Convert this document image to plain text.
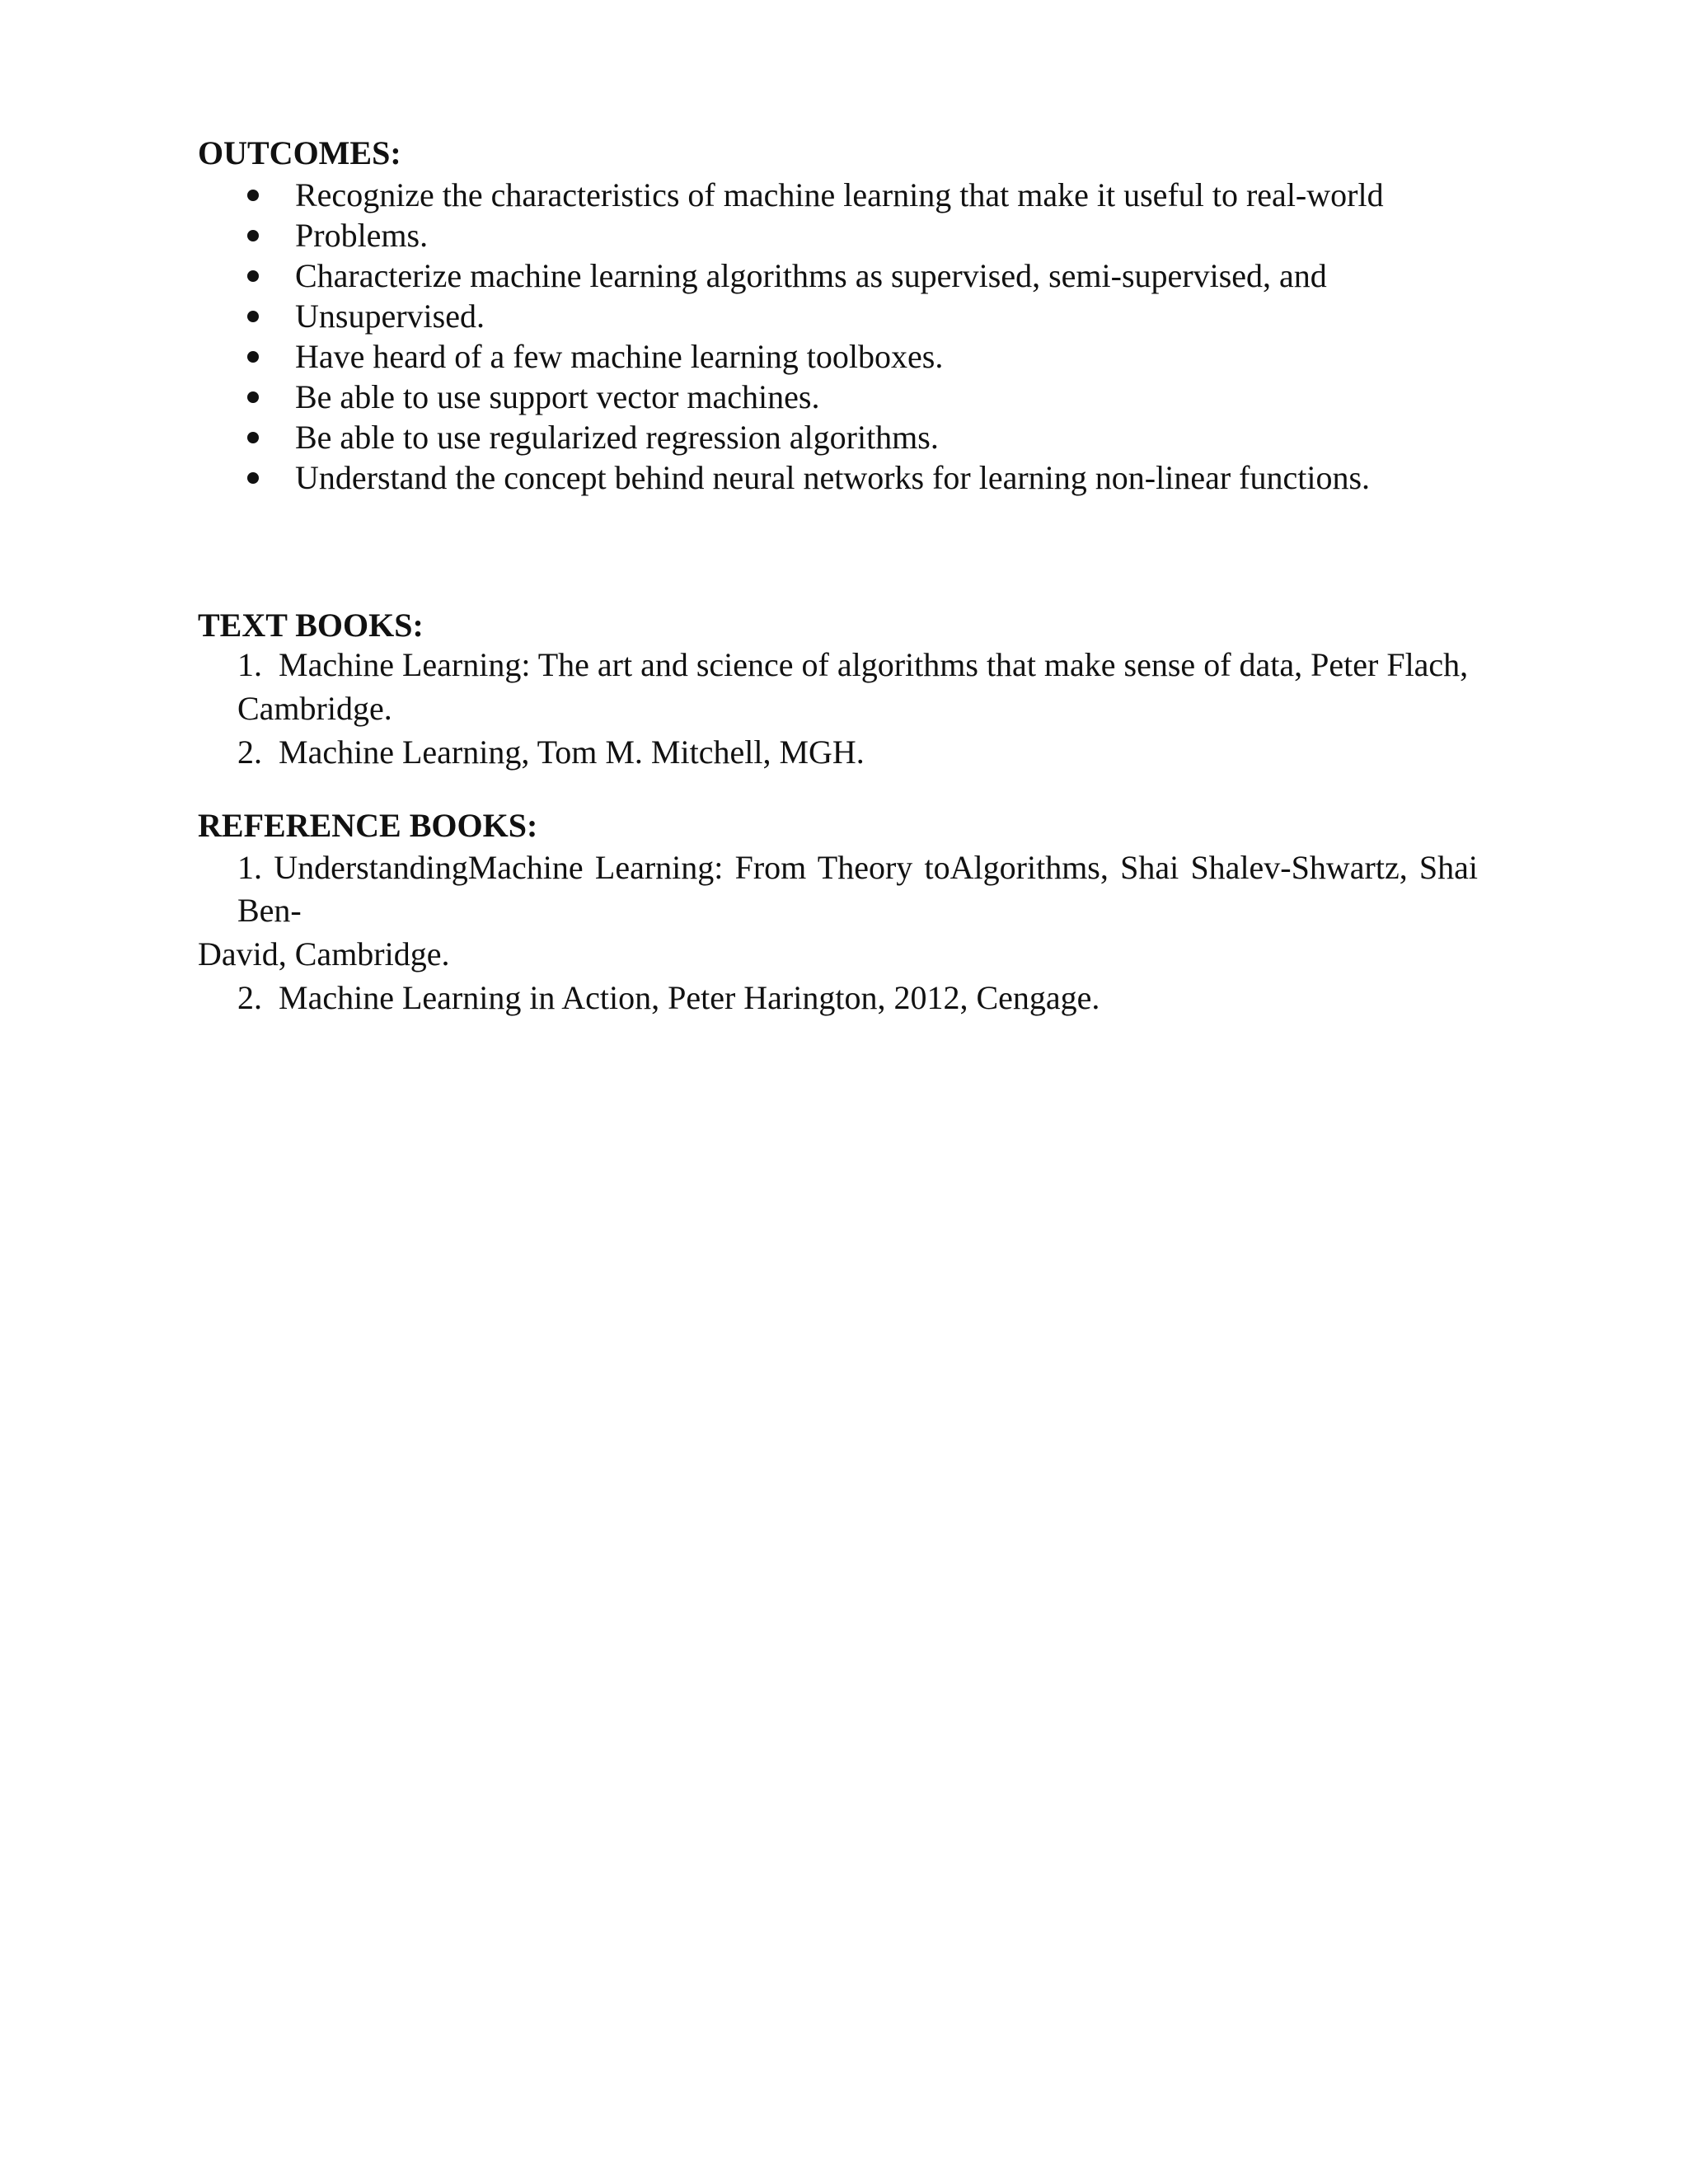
OUTCOMES:
Recognize the characteristics of machine learning that make it useful to real-world
Problems.
Characterize machine learning algorithms as supervised, semi-supervised, and
Unsupervised.
Have heard of a few machine learning toolboxes.
Be able to use support vector machines.
Be able to use regularized regression algorithms.
Understand the concept behind neural networks for learning non-linear functions.
TEXT BOOKS:

1. Machine Learning: The art and science of algorithms that make sense of data, Peter Flach,

Cambridge.

2. Machine Learning, Tom M. Mitchell, MGH.

REFERENCE BOOKS:
1. UnderstandingMachine Learning: From Theory toAlgorithms, Shai Shalev-Shwartz, Shai

Ben-

David, Cambridge.

2. Machine Learning in Action, Peter Harington, 2012, Cengage.
